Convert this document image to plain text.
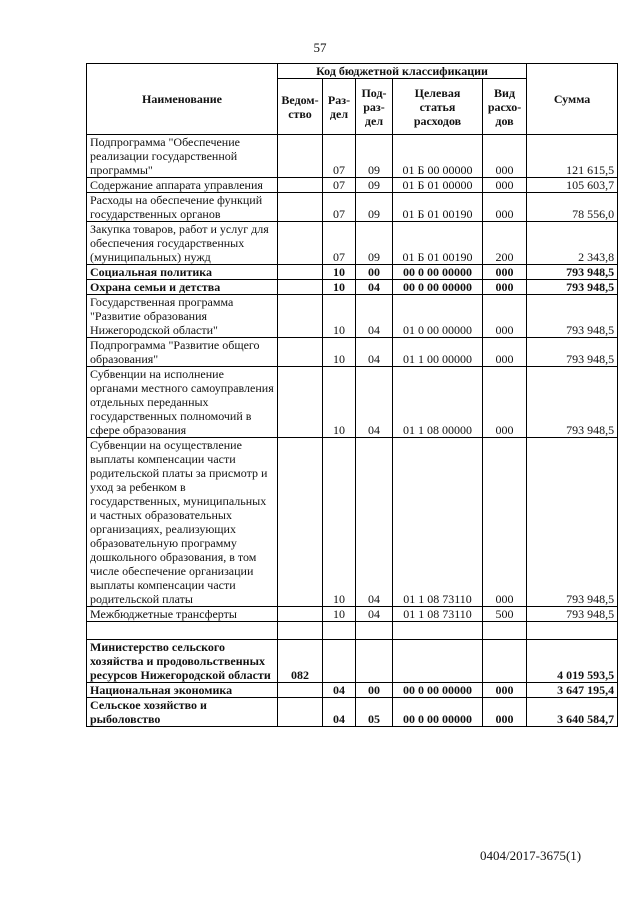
57
Наименование	Код бюджетной классификации					Сумма
	Ведом-ство	Раз-дел	Под-раз-дел	Целевая статья расходов	Вид расхо-дов	
Подпрограмма "Обеспечение реализации государственной программы"		07	09	01 Б 00 00000	000	121 615,5
Содержание аппарата управления		07	09	01 Б 01 00000	000	105 603,7
Расходы на обеспечение функций государственных органов		07	09	01 Б 01 00190	000	78 556,0
Закупка товаров, работ и услуг для обеспечения государственных (муниципальных) нужд		07	09	01 Б 01 00190	200	2 343,8
Социальная политика		10	00	00 0 00 00000	000	793 948,5
Охрана семьи и детства		10	04	00 0 00 00000	000	793 948,5
Государственная программа "Развитие образования Нижегородской области"		10	04	01 0 00 00000	000	793 948,5
Подпрограмма "Развитие общего образования"		10	04	01 1 00 00000	000	793 948,5
Субвенции на исполнение органами местного самоуправления отдельных переданных государственных полномочий в сфере образования		10	04	01 1 08 00000	000	793 948,5
Субвенции на осуществление выплаты компенсации части родительской платы за присмотр и уход за ребенком в государственных, муниципальных и частных образовательных организациях, реализующих образовательную программу дошкольного образования, в том числе обеспечение организации выплаты компенсации части родительской платы		10	04	01 1 08 73110	000	793 948,5
Межбюджетные трансферты		10	04	01 1 08 73110	500	793 948,5

Министерство сельского хозяйства и продовольственных ресурсов Нижегородской области	082					4 019 593,5
Национальная экономика		04	00	00 0 00 00000	000	3 647 195,4
Сельское хозяйство и рыболовство		04	05	00 0 00 00000	000	3 640 584,7
0404/2017-3675(1)
